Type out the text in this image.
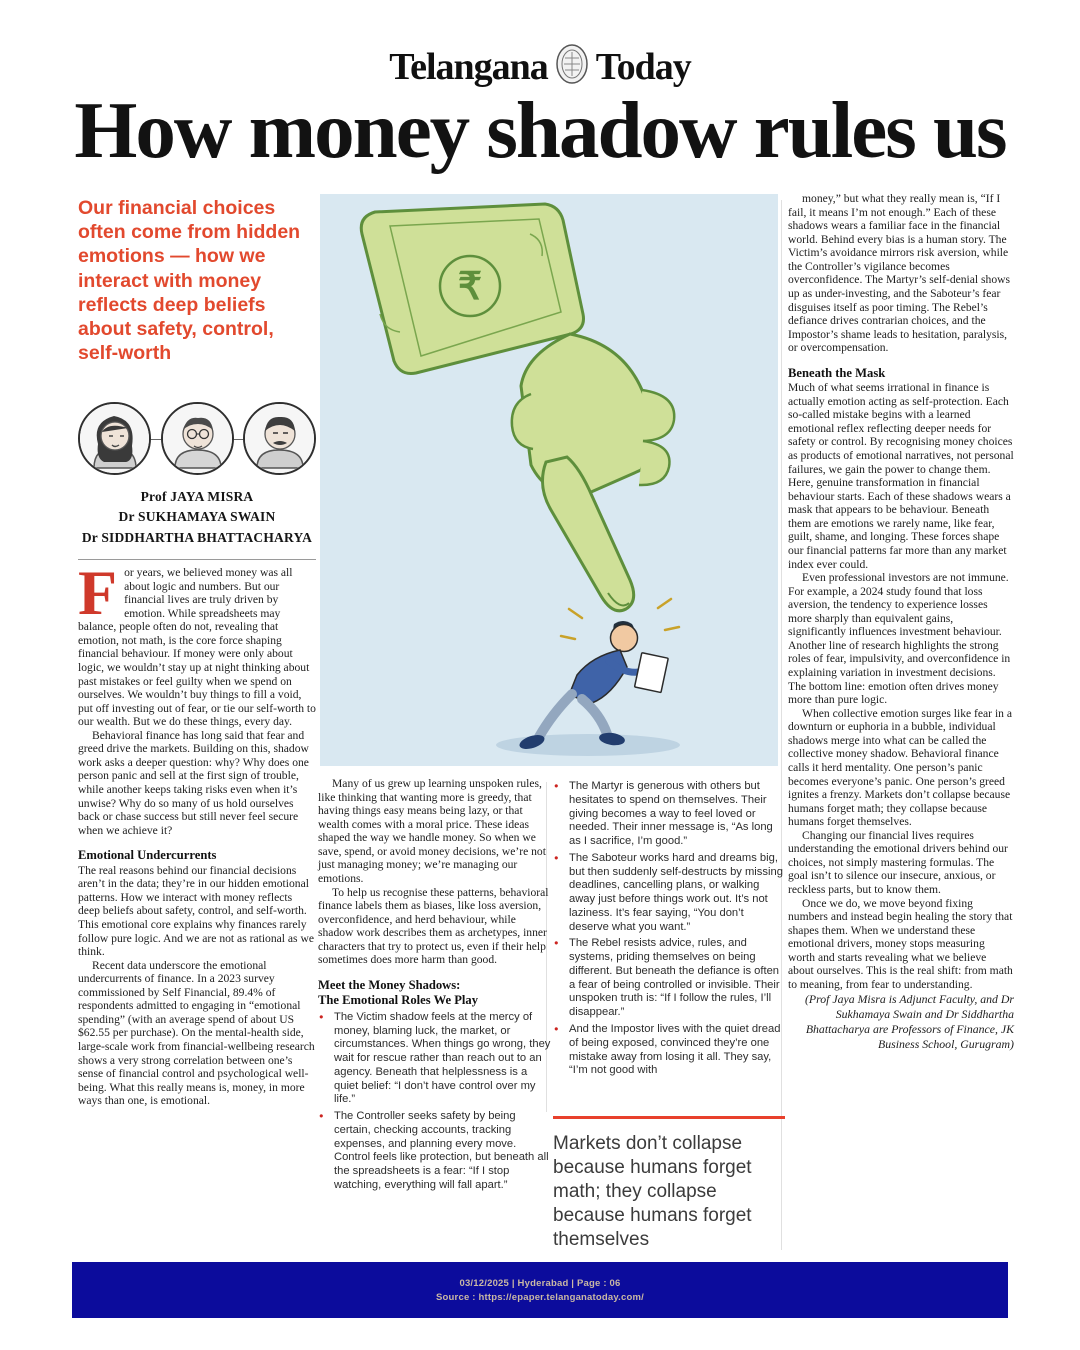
Telangana Today
How money shadow rules us
Our financial choices often come from hidden emotions — how we interact with money reflects deep beliefs about safety, control, self-worth
Prof JAYA MISRA
Dr SUKHAMAYA SWAIN
Dr SIDDHARTHA BHATTACHARYA
₹

For years, we believed money was all about logic and numbers. But our financial lives are truly driven by emotion. While spreadsheets may balance, people often do not, revealing that emotion, not math, is the core force shaping financial behaviour. If money were only about logic, we wouldn’t stay up at night thinking about past mistakes or feel guilty when we spend on ourselves. We wouldn’t buy things to fill a void, put off investing out of fear, or tie our self-worth to our wealth. But we do these things, every day.

Behavioral finance has long said that fear and greed drive the markets. Building on this, shadow work asks a deeper question: why? Why does one person panic and sell at the first sign of trouble, while another keeps taking risks even when it’s unwise? Why do so many of us hold ourselves back or chase success but still never feel secure when we achieve it?

Emotional Undercurrents

The real reasons behind our financial decisions aren’t in the data; they’re in our hidden emotional patterns. How we interact with money reflects deep beliefs about safety, control, and self-worth. This emotional core explains why finances rarely follow pure logic. And we are not as rational as we think.

Recent data underscore the emotional undercurrents of finance. In a 2023 survey commissioned by Self Financial, 89.4% of respondents admitted to engaging in “emotional spending” (with an average spend of about US $62.55 per purchase). On the mental-health side, large-scale work from financial-wellbeing research shows a very strong correlation between one’s sense of financial control and psychological well-being. What this really means is, money, in more ways than one, is emotional.

Many of us grew up learning unspoken rules, like thinking that wanting more is greedy, that having things easy means being lazy, or that wealth comes with a moral price. These ideas shaped the way we handle money. So when we save, spend, or avoid money decisions, we’re not just managing money; we’re managing our emotions.

To help us recognise these patterns, behavioral finance labels them as biases, like loss aversion, overconfidence, and herd behaviour, while shadow work describes them as archetypes, inner characters that try to protect us, even if their help sometimes does more harm than good.

Meet the Money Shadows:
The Emotional Roles We Play
● The Victim shadow feels at the mercy of money, blaming luck, the market, or circumstances. When things go wrong, they wait for rescue rather than reach out to an agency. Beneath that helplessness is a quiet belief: “I don’t have control over my life.”
● The Controller seeks safety by being certain, checking accounts, tracking expenses, and planning every move. Control feels like protection, but beneath all the spreadsheets is a fear: “If I stop watching, everything will fall apart.”
● The Martyr is generous with others but hesitates to spend on themselves. Their giving becomes a way to feel loved or needed. Their inner message is, “As long as I sacrifice, I’m good.”
● The Saboteur works hard and dreams big, but then suddenly self-destructs by missing deadlines, cancelling plans, or walking away just before things work out. It’s not laziness. It’s fear saying, “You don’t deserve what you want.”
● The Rebel resists advice, rules, and systems, priding themselves on being different. But beneath the defiance is often a fear of being controlled or invisible. Their unspoken truth is: “If I follow the rules, I’ll disappear.”
● And the Impostor lives with the quiet dread of being exposed, convinced they’re one mistake away from losing it all. They say, “I’m not good with
Markets don’t collapse because humans forget math; they collapse because humans forget themselves

money,” but what they really mean is, “If I fail, it means I’m not enough.” Each of these shadows wears a familiar face in the financial world. Behind every bias is a human story. The Victim’s avoidance mirrors risk aversion, while the Controller’s vigilance becomes overconfidence. The Martyr’s self-denial shows up as under-investing, and the Saboteur’s fear disguises itself as poor timing. The Rebel’s defiance drives contrarian choices, and the Impostor’s shame leads to hesitation, paralysis, or overcompensation.

Beneath the Mask

Much of what seems irrational in finance is actually emotion acting as self-protection. Each so-called mistake begins with a learned emotional reflex reflecting deeper needs for safety or control. By recognising money choices as products of emotional narratives, not personal failures, we gain the power to change them. Here, genuine transformation in financial behaviour starts. Each of these shadows wears a mask that appears to be behaviour. Beneath them are emotions we rarely name, like fear, guilt, shame, and longing. These forces shape our financial patterns far more than any market index ever could.

Even professional investors are not immune. For example, a 2024 study found that loss aversion, the tendency to experience losses more sharply than equivalent gains, significantly influences investment behaviour. Another line of research highlights the strong roles of fear, impulsivity, and overconfidence in explaining variation in investment decisions. The bottom line: emotion often drives money more than pure logic.

When collective emotion surges like fear in a downturn or euphoria in a bubble, individual shadows merge into what can be called the collective money shadow. Behavioral finance calls it herd mentality. One person’s panic becomes everyone’s panic. One person’s greed ignites a frenzy. Markets don’t collapse because humans forget math; they collapse because humans forget themselves.

Changing our financial lives requires understanding the emotional drivers behind our choices, not simply mastering formulas. The goal isn’t to silence our insecure, anxious, or reckless parts, but to know them.

Once we do, we move beyond fixing numbers and instead begin healing the story that shapes them. When we understand these emotional drivers, money stops measuring worth and starts revealing what we believe about ourselves. This is the real shift: from math to meaning, from fear to understanding.

(Prof Jaya Misra is Adjunct Faculty, and Dr Sukhamaya Swain and Dr Siddhartha Bhattacharya are Professors of Finance, JK Business School, Gurugram)

03/12/2025 | Hyderabad | Page : 06
Source : https://epaper.telanganatoday.com/
